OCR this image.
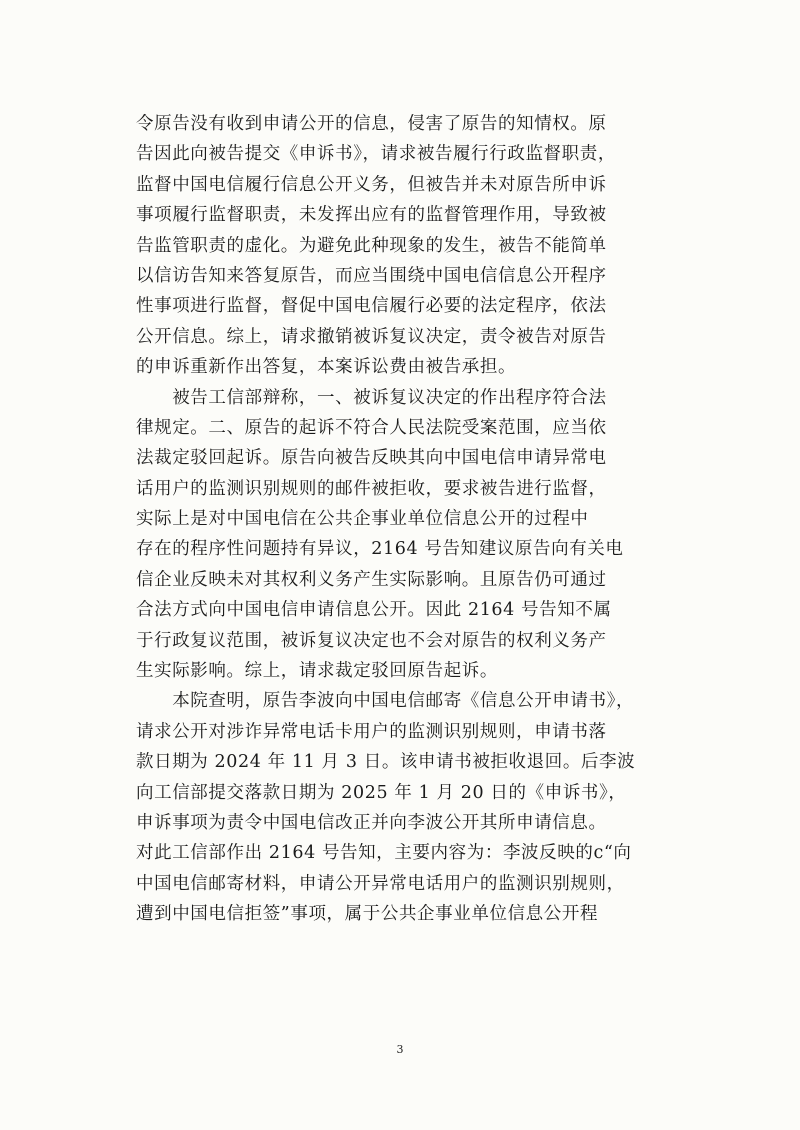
令原告没有收到申请公开的信息，侵害了原告的知情权。原
告因此向被告提交《申诉书》，请求被告履行行政监督职责，
监督中国电信履行信息公开义务，但被告并未对原告所申诉
事项履行监督职责，未发挥出应有的监督管理作用，导致被
告监管职责的虚化。为避免此种现象的发生，被告不能简单
以信访告知来答复原告，而应当围绕中国电信信息公开程序
性事项进行监督，督促中国电信履行必要的法定程序，依法
公开信息。综上，请求撤销被诉复议决定，责令被告对原告
的申诉重新作出答复，本案诉讼费由被告承担。
　　被告工信部辩称，一、被诉复议决定的作出程序符合法
律规定。二、原告的起诉不符合人民法院受案范围，应当依
法裁定驳回起诉。原告向被告反映其向中国电信申请异常电
话用户的监测识别规则的邮件被拒收，要求被告进行监督，
实际上是对中国电信在公共企事业单位信息公开的过程中
存在的程序性问题持有异议，2164 号告知建议原告向有关电
信企业反映未对其权利义务产生实际影响。且原告仍可通过
合法方式向中国电信申请信息公开。因此 2164 号告知不属
于行政复议范围，被诉复议决定也不会对原告的权利义务产
生实际影响。综上，请求裁定驳回原告起诉。
　　本院查明，原告李波向中国电信邮寄《信息公开申请书》，
请求公开对涉诈异常电话卡用户的监测识别规则，申请书落
款日期为 2024 年 11 月 3 日。该申请书被拒收退回。后李波
向工信部提交落款日期为 2025 年 1 月 20 日的《申诉书》，
申诉事项为责令中国电信改正并向李波公开其所申请信息。
对此工信部作出 2164 号告知，主要内容为：李波反映的c“向
中国电信邮寄材料，申请公开异常电话用户的监测识别规则，
遭到中国电信拒签”事项，属于公共企事业单位信息公开程
3
